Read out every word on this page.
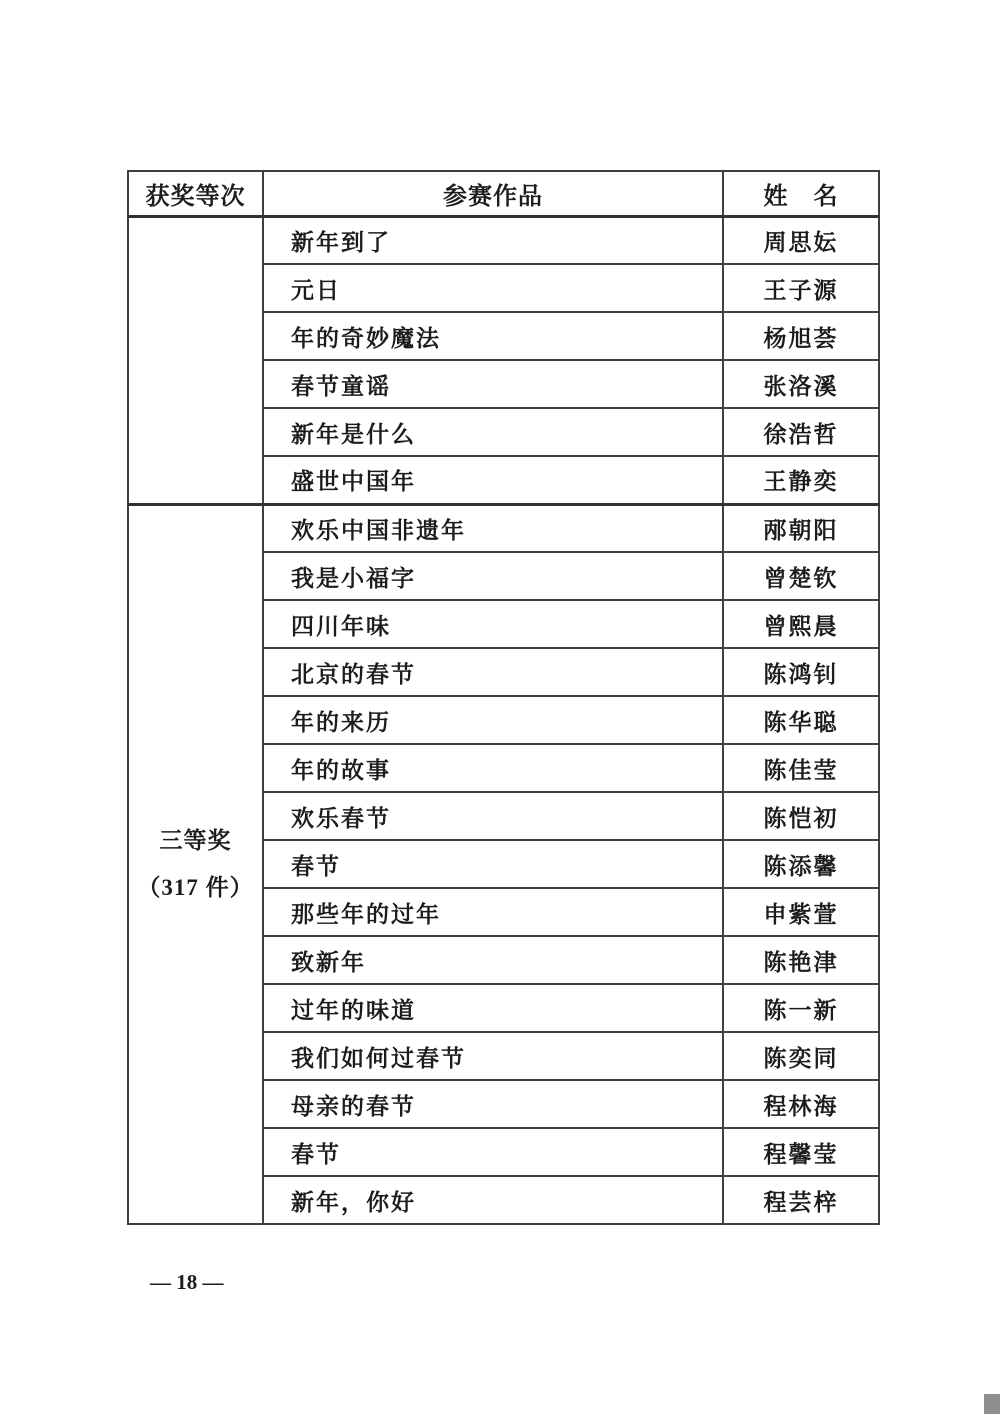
获奖等次	参赛作品	姓　名
	新年到了	周思妘
	元日	王子源
	年的奇妙魔法	杨旭荟
	春节童谣	张洛溪
	新年是什么	徐浩哲
	盛世中国年	王静奕

三等奖
（317 件）	欢乐中国非遗年	邴朝阳
	我是小福字	曾楚钦
	四川年味	曾熙晨
	北京的春节	陈鸿钊
	年的来历	陈华聪
	年的故事	陈佳莹
	欢乐春节	陈恺初
	春节	陈添馨
	那些年的过年	申紫萱
	致新年	陈艳津
	过年的味道	陈一新
	我们如何过春节	陈奕同
	母亲的春节	程林海
	春节	程馨莹
	新年，你好	程芸梓
— 18 —
